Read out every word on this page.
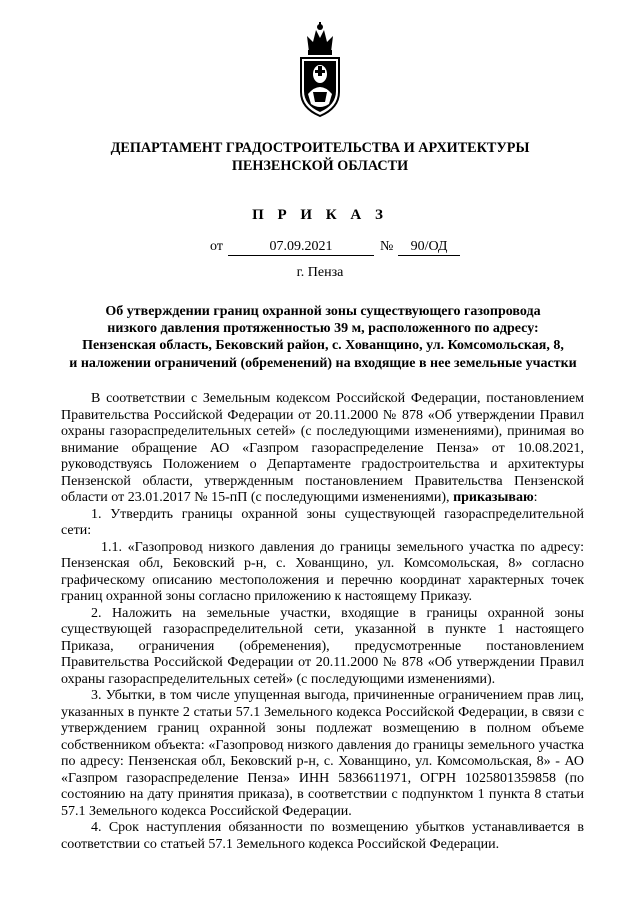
ДЕПАРТАМЕНТ ГРАДОСТРОИТЕЛЬСТВА И АРХИТЕКТУРЫ
ПЕНЗЕНСКОЙ ОБЛАСТИ
П Р И К А З
от	07.09.2021	№	90/ОД
г. Пенза
Об утверждении границ охранной зоны существующего газопровода
низкого давления протяженностью 39 м, расположенного по адресу:
Пензенская область, Бековский район, с. Хованщино, ул. Комсомольская, 8,
и наложении ограничений (обременений) на входящие в нее земельные участки

В соответствии с Земельным кодексом Российской Федерации, постановлением Правительства Российской Федерации от 20.11.2000 № 878 «Об утверждении Правил охраны газораспределительных сетей» (с последующими изменениями), принимая во внимание обращение АО «Газпром газораспределение Пенза» от 10.08.2021, руководствуясь Положением о Департаменте градостроительства и архитектуры Пензенской области, утвержденным постановлением Правительства Пензенской области от 23.01.2017 № 15-пП (с последующими изменениями), приказываю:

1. Утвердить границы охранной зоны существующей газораспределительной сети:

1.1. «Газопровод низкого давления до границы земельного участка по адресу: Пензенская обл, Бековский р-н, с. Хованщино, ул. Комсомольская, 8» согласно графическому описанию местоположения и перечню координат характерных точек границ охранной зоны согласно приложению к настоящему Приказу.

2. Наложить на земельные участки, входящие в границы охранной зоны существующей газораспределительной сети, указанной в пункте 1 настоящего Приказа, ограничения (обременения), предусмотренные постановлением Правительства Российской Федерации от 20.11.2000 № 878 «Об утверждении Правил охраны газораспределительных сетей» (с последующими изменениями).

3. Убытки, в том числе упущенная выгода, причиненные ограничением прав лиц, указанных в пункте 2 статьи 57.1 Земельного кодекса Российской Федерации, в связи с утверждением границ охранной зоны подлежат возмещению в полном объеме собственником объекта: «Газопровод низкого давления до границы земельного участка по адресу: Пензенская обл, Бековский р-н, с. Хованщино, ул. Комсомольская, 8» - АО «Газпром газораспределение Пенза» ИНН 5836611971, ОГРН 1025801359858 (по состоянию на дату принятия приказа), в соответствии с подпунктом 1 пункта 8 статьи 57.1 Земельного кодекса Российской Федерации.

4. Срок наступления обязанности по возмещению убытков устанавливается в соответствии со статьей 57.1 Земельного кодекса Российской Федерации.
